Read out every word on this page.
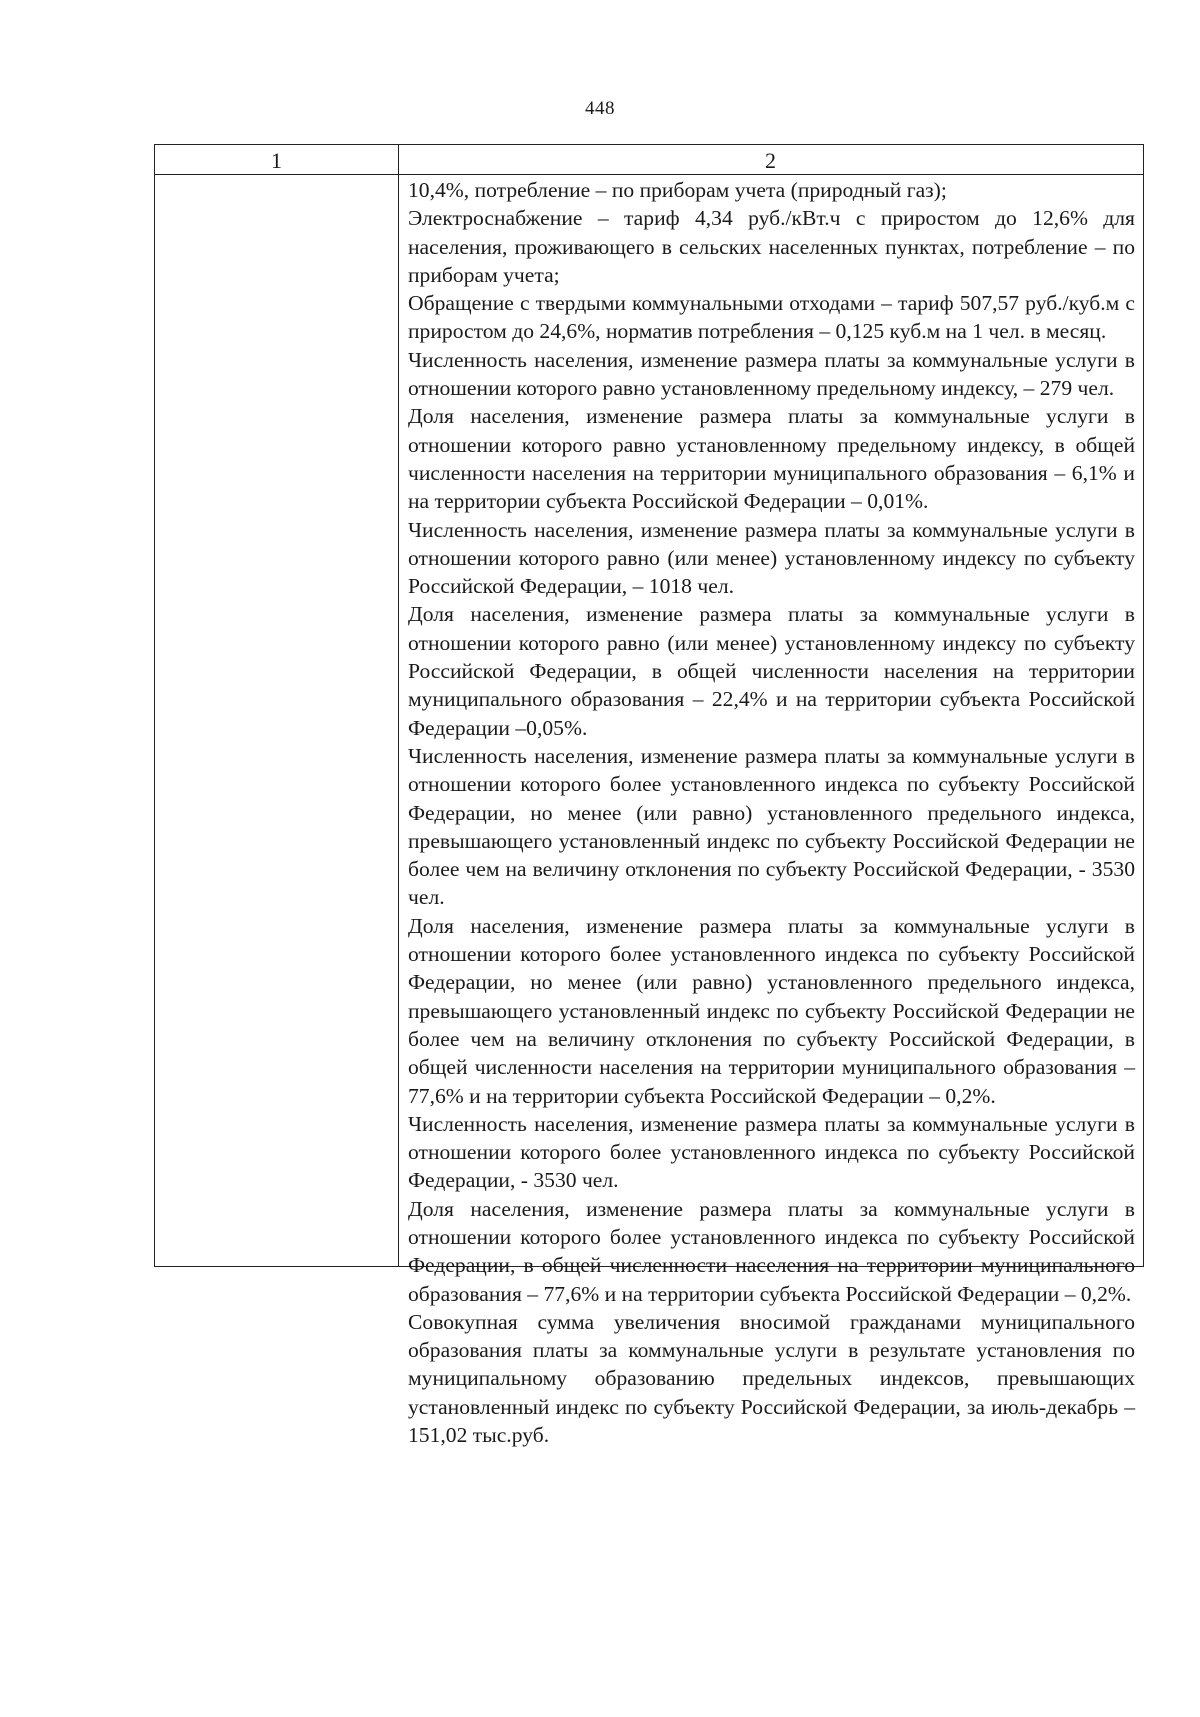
448
1	2

10,4%, потребление – по приборам учета (природный газ);

Электроснабжение – тариф 4,34 руб./кВт.ч с приростом до 12,6% для населения, проживающего в сельских населенных пунктах, потребление – по приборам учета;

Обращение с твердыми коммунальными отходами – тариф 507,57 руб./куб.м с приростом до 24,6%, норматив потребления – 0,125 куб.м на 1 чел. в месяц.

Численность населения, изменение размера платы за коммунальные услуги в отношении которого равно установленному предельному индексу, – 279 чел.

Доля населения, изменение размера платы за коммунальные услуги в отношении которого равно установленному предельному индексу, в общей численности населения на территории муниципального образования – 6,1% и на территории субъекта Российской Федерации – 0,01%.

Численность населения, изменение размера платы за коммунальные услуги в отношении которого равно (или менее) установленному индексу по субъекту Российской Федерации, – 1018 чел.

Доля населения, изменение размера платы за коммунальные услуги в отношении которого равно (или менее) установленному индексу по субъекту Российской Федерации, в общей численности населения на территории муниципального образования – 22,4% и на территории субъекта Российской Федерации –0,05%.

Численность населения, изменение размера платы за коммунальные услуги в отношении которого более установленного индекса по субъекту Российской Федерации, но менее (или равно) установленного предельного индекса, превышающего установленный индекс по субъекту Российской Федерации не более чем на величину отклонения по субъекту Российской Федерации, - 3530 чел.

Доля населения, изменение размера платы за коммунальные услуги в отношении которого более установленного индекса по субъекту Российской Федерации, но менее (или равно) установленного предельного индекса, превышающего установленный индекс по субъекту Российской Федерации не более чем на величину отклонения по субъекту Российской Федерации, в общей численности населения на территории муниципального образования – 77,6% и на территории субъекта Российской Федерации – 0,2%.

Численность населения, изменение размера платы за коммунальные услуги в отношении которого более установленного индекса по субъекту Российской Федерации, - 3530 чел.

Доля населения, изменение размера платы за коммунальные услуги в отношении которого более установленного индекса по субъекту Российской Федерации, в общей численности населения на территории муниципального образования – 77,6% и на территории субъекта Российской Федерации – 0,2%.

Совокупная сумма увеличения вносимой гражданами муниципального образования платы за коммунальные услуги в результате установления по муниципальному образованию предельных индексов, превышающих установленный индекс по субъекту Российской Федерации, за июль-декабрь – 151,02 тыс.руб.
